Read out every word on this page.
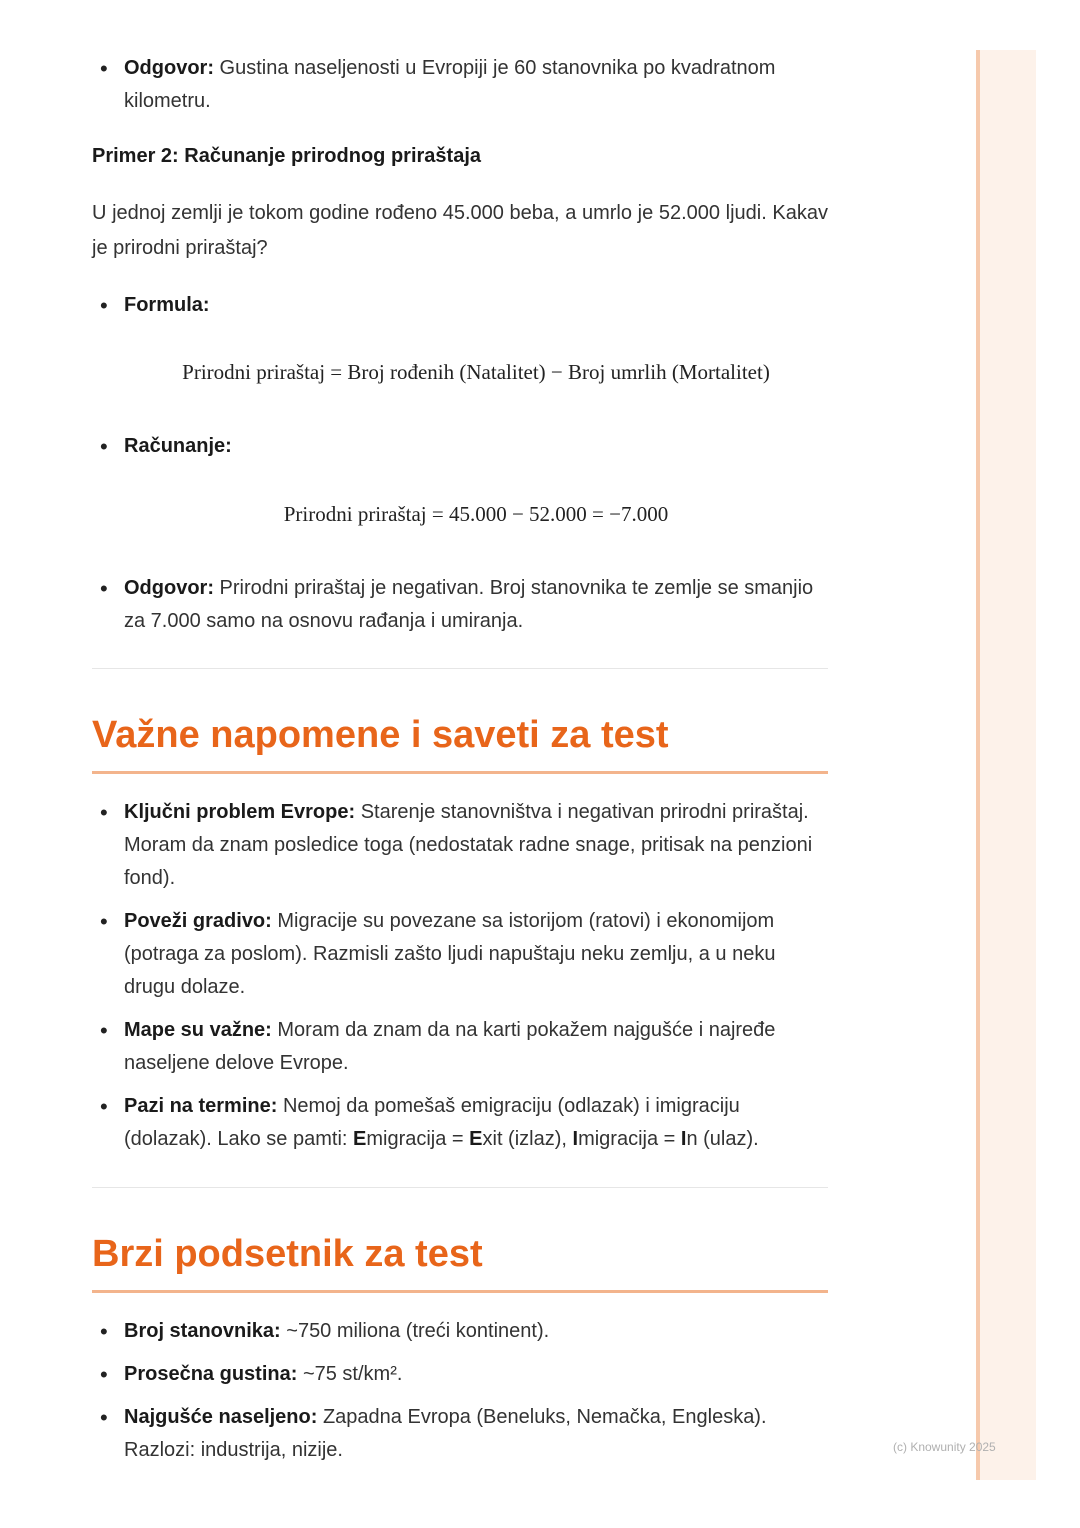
• Odgovor: Gustina naseljenosti u Evropiji je 60 stanovnika po kvadratnom kilometru.

Primer 2: Računanje prirodnog priraštaja

U jednoj zemlji je tokom godine rođeno 45.000 beba, a umrlo je 52.000 ljudi. Kakav je prirodni priraštaj?

• Formula:
Prirodni priraštaj = Broj rođenih (Natalitet) − Broj umrlih (Mortalitet)
• Računanje:
Prirodni priraštaj = 45.000 − 52.000 = −7.000
• Odgovor: Prirodni priraštaj je negativan. Broj stanovnika te zemlje se smanjio za 7.000 samo na osnovu rađanja i umiranja.
Važne napomene i saveti za test
• Ključni problem Evrope: Starenje stanovništva i negativan prirodni priraštaj. Moram da znam posledice toga (nedostatak radne snage, pritisak na penzioni fond).
• Poveži gradivo: Migracije su povezane sa istorijom (ratovi) i ekonomijom (potraga za poslom). Razmisli zašto ljudi napuštaju neku zemlju, a u neku drugu dolaze.
• Mape su važne: Moram da znam da na karti pokažem najgušće i najređe naseljene delove Evrope.
• Pazi na termine: Nemoj da pomešaš emigraciju (odlazak) i imigraciju (dolazak). Lako se pamti: Emigracija = Exit (izlaz), Imigracija = In (ulaz).
Brzi podsetnik za test
• Broj stanovnika: ~750 miliona (treći kontinent).
• Prosečna gustina: ~75 st/km².
• Najgušće naseljeno: Zapadna Evropa (Beneluks, Nemačka, Engleska). Razlozi: industrija, nizije.	(c) Knowunity 2025
